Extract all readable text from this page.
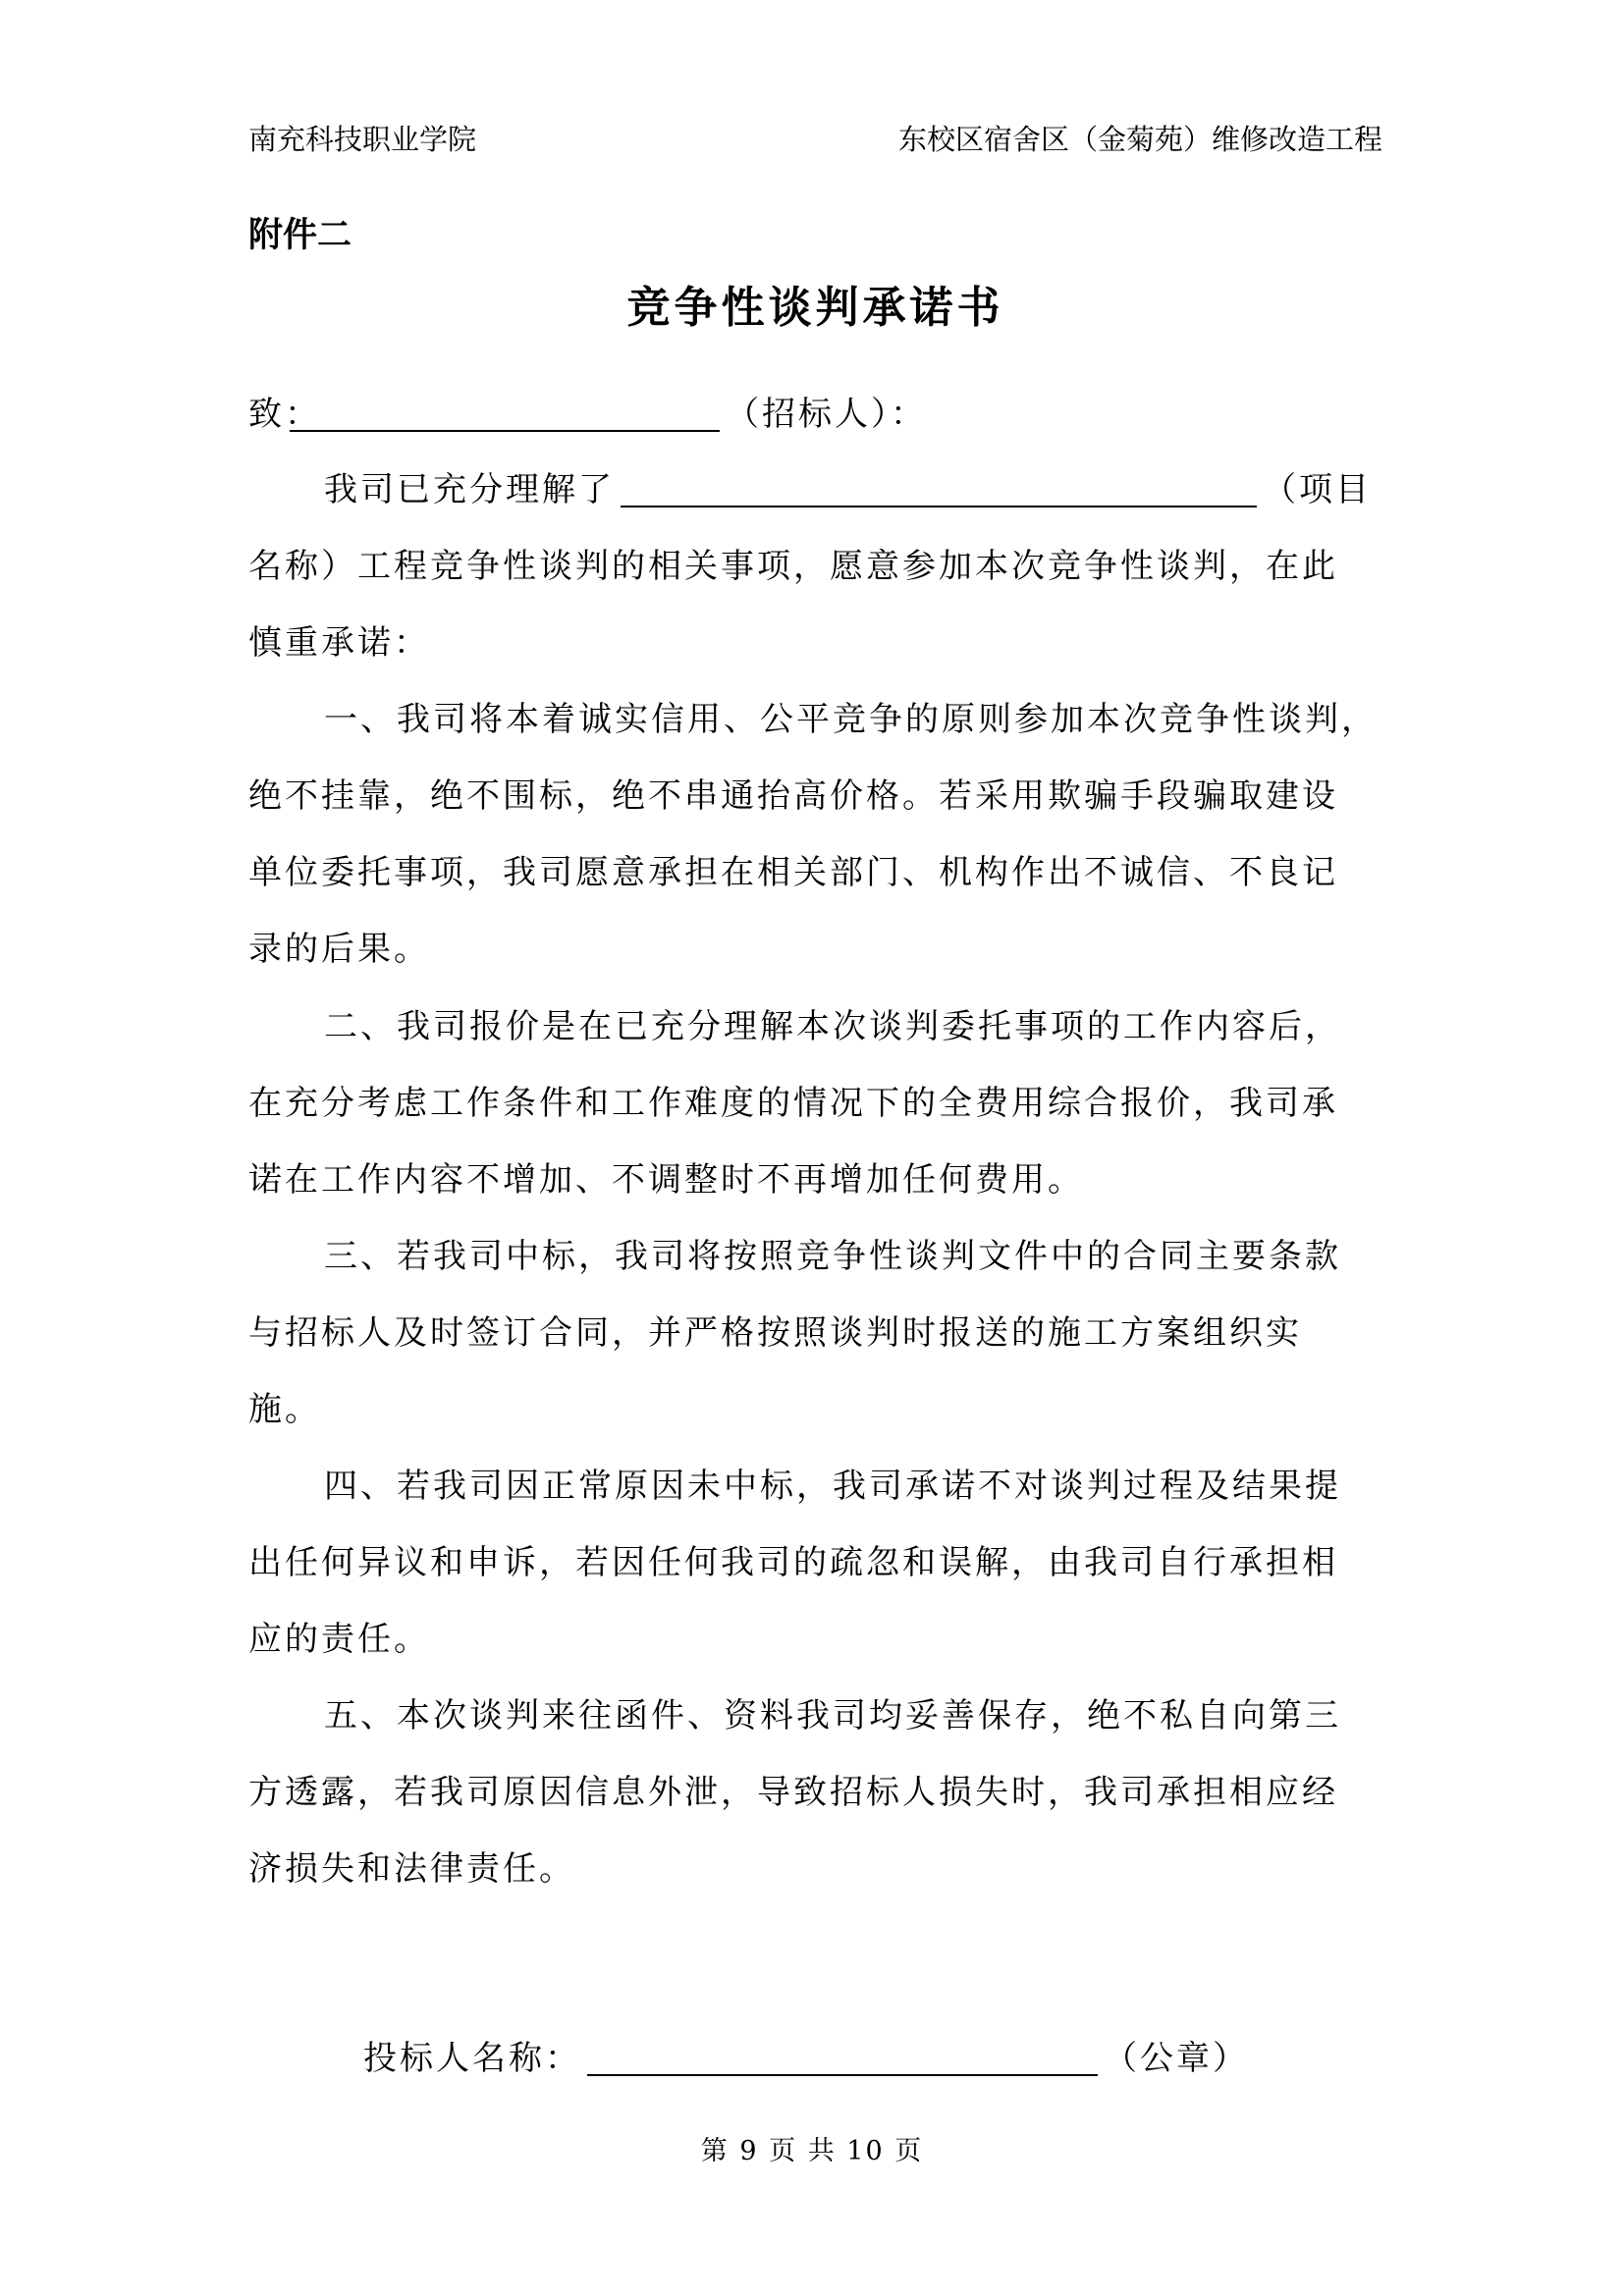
南充科技职业学院	东校区宿舍区（金菊苑）维修改造工程
附件二
竞争性谈判承诺书
致：	（招标人）：
我司已充分理解了	（项目
名称）工程竞争性谈判的相关事项，愿意参加本次竞争性谈判，在此
慎重承诺：
一、我司将本着诚实信用、公平竞争的原则参加本次竞争性谈判，
绝不挂靠，绝不围标，绝不串通抬高价格。若采用欺骗手段骗取建设
单位委托事项，我司愿意承担在相关部门、机构作出不诚信、不良记
录的后果。
二、我司报价是在已充分理解本次谈判委托事项的工作内容后，
在充分考虑工作条件和工作难度的情况下的全费用综合报价，我司承
诺在工作内容不增加、不调整时不再增加任何费用。
三、若我司中标，我司将按照竞争性谈判文件中的合同主要条款
与招标人及时签订合同，并严格按照谈判时报送的施工方案组织实
施。
四、若我司因正常原因未中标，我司承诺不对谈判过程及结果提
出任何异议和申诉，若因任何我司的疏忽和误解，由我司自行承担相
应的责任。
五、本次谈判来往函件、资料我司均妥善保存，绝不私自向第三
方透露，若我司原因信息外泄，导致招标人损失时，我司承担相应经
济损失和法律责任。
投标人名称：	（公章）
第 9 页 共 10 页
